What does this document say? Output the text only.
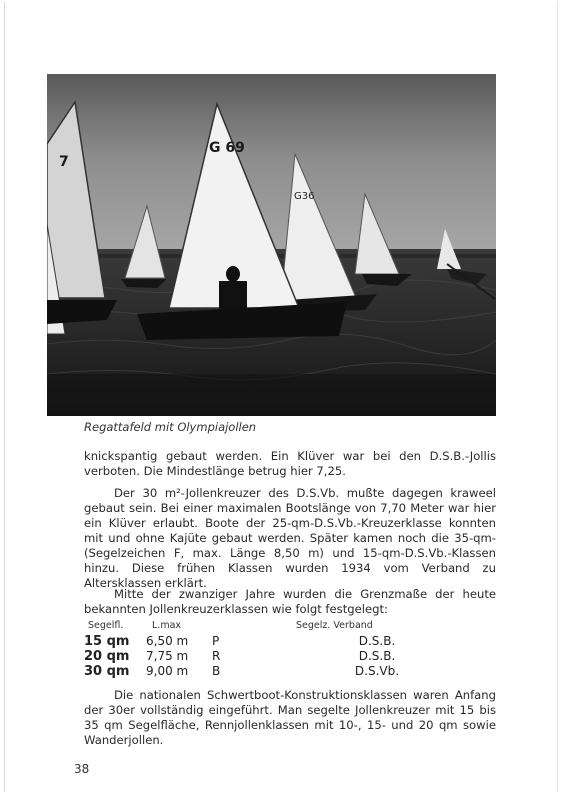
G36
G 69
7
Regattafeld mit Olympiajollen

knickspantig gebaut werden. Ein Klüver war bei den D.S.B.-Jollis verboten. Die Mindestlänge betrug hier 7,25.

Der 30 m²-Jollenkreuzer des D.S.Vb. mußte dagegen kraweel gebaut sein. Bei einer maximalen Bootslänge von 7,70 Meter war hier ein Klüver erlaubt. Boote der 25-qm-D.S.Vb.-Kreuzerklasse konnten mit und ohne Kajüte gebaut werden. Später kamen noch die 35-qm- (Segelzeichen F, max. Länge 8,50 m) und 15-qm-D.S.Vb.-Klassen hinzu. Diese frühen Klassen wurden 1934 vom Verband zu Altersklassen erklärt.

Mitte der zwanziger Jahre wurden die Grenzmaße der heute bekannten Jollenkreuzerklassen wie folgt festgelegt:

Segelfl.	L.max	Segelz. Verband
15 qm 6,50 m P	D.S.B.
20 qm 7,75 m R	D.S.B.
30 qm 9,00 m B	D.S.Vb.

Die nationalen Schwertboot-Konstruktionsklassen waren Anfang der 30er vollständig eingeführt. Man segelte Jollenkreuzer mit 15 bis 35 qm Segelfläche, Rennjollenklassen mit 10-, 15- und 20 qm sowie Wanderjollen.

38
